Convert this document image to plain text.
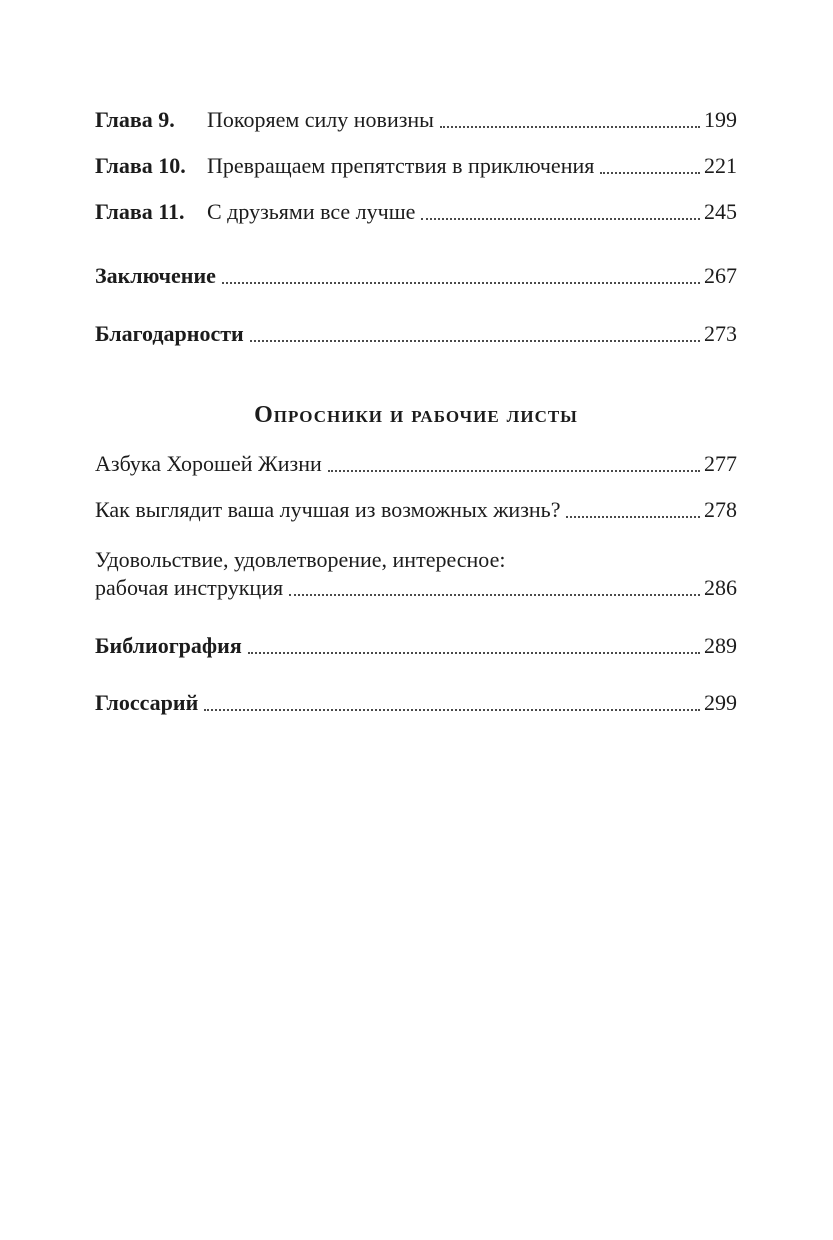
Глава 9.	Покоряем силу новизны	199
Глава 10. Превращаем препятствия в приключения	221
Глава 11.	С друзьями все лучше	245
Заключение	267
Благодарности	273
Опросники и рабочие листы
Азбука Хорошей Жизни	277
Как выглядит ваша лучшая из возможных жизнь?	278
Удовольствие, удовлетворение, интересное:
рабочая инструкция	286
Библиография	289
Глоссарий	299
